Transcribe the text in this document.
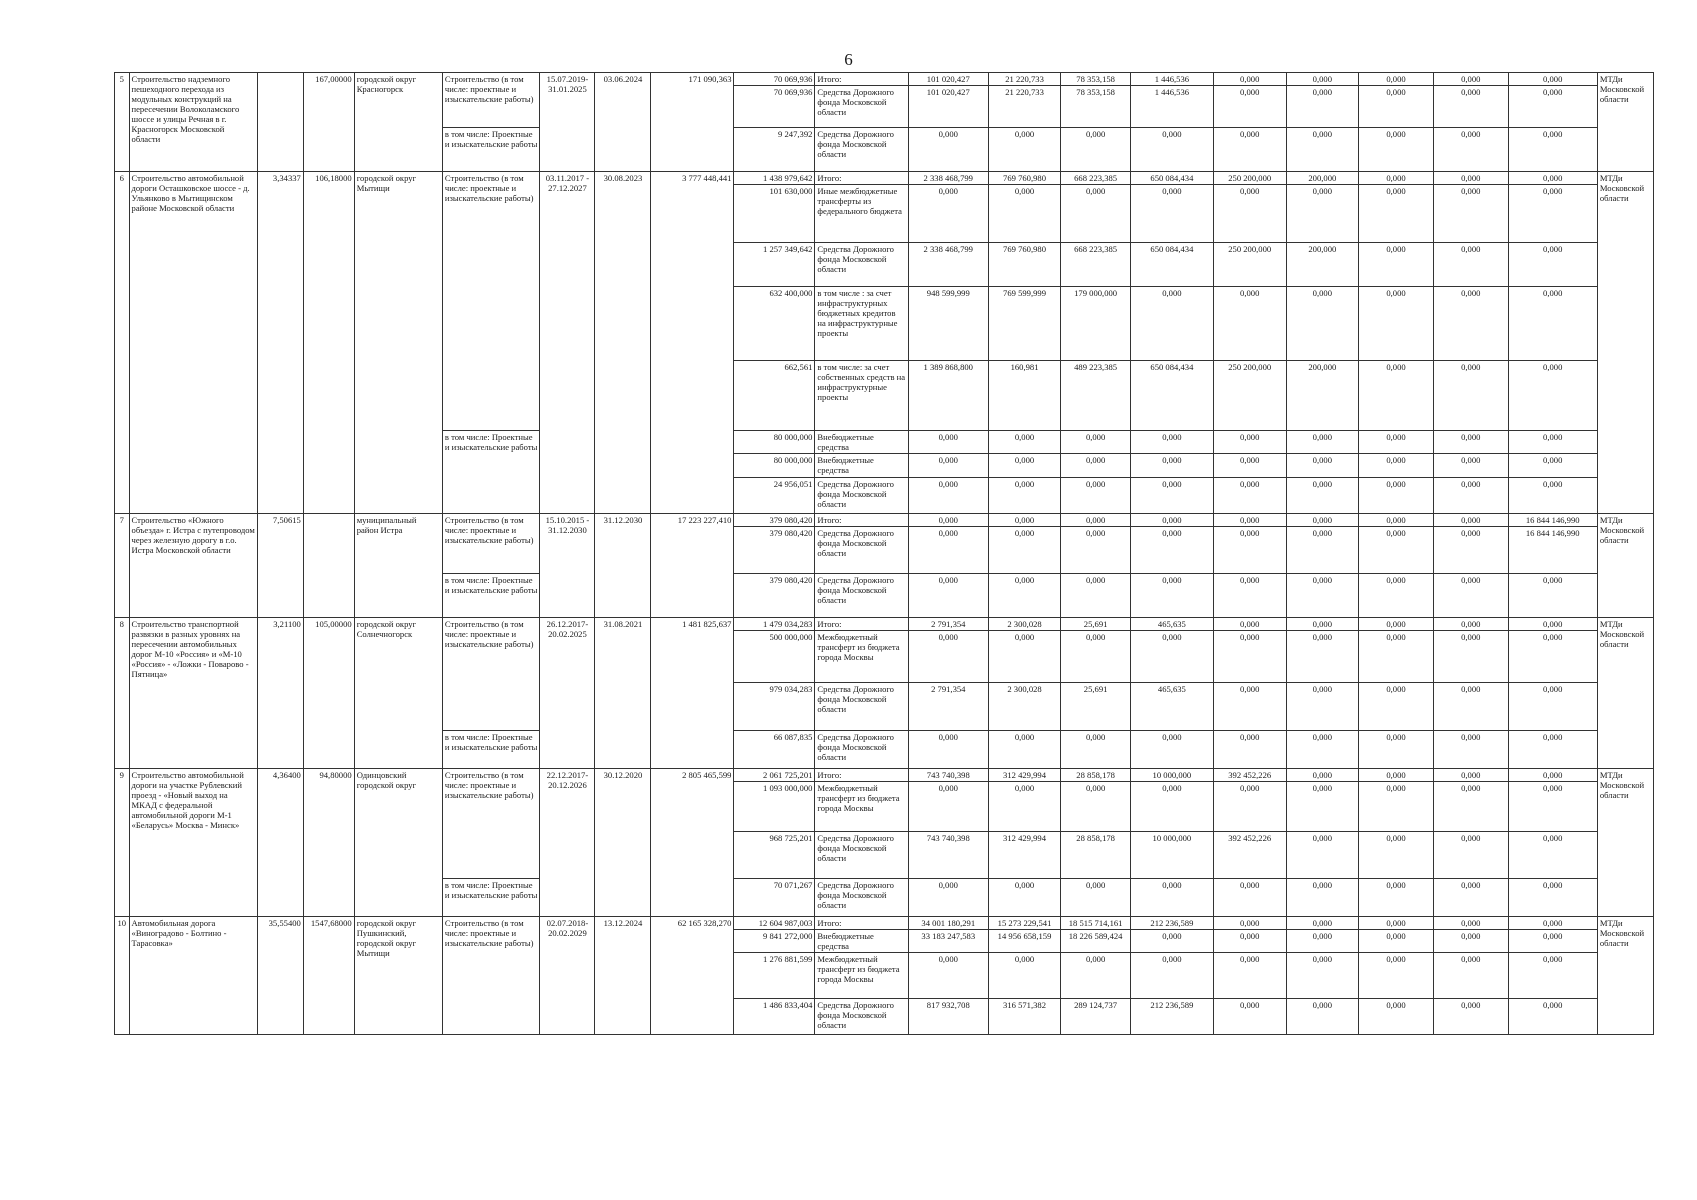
6
5	Строительство надземного пешеходного перехода из модульных конструкций на пересечении Волоколамского шоссе и улицы Речная в г. Красногорск Московской области		167,00000	городской округ Красногорск	Строительство (в том числе: проектные и изыскательские работы)	15.07.2019-31.01.2025	03.06.2024	171 090,363	70 069,936	Итого:	101 020,427	21 220,733	78 353,158	1 446,536	0,000	0,000	0,000	0,000	0,000	МТДи Московской области
									70 069,936	Средства Дорожного фонда Московской области	101 020,427	21 220,733	78 353,158	1 446,536	0,000	0,000	0,000	0,000	0,000	
					в том числе: Проектные и изыскательские работы				9 247,392	Средства Дорожного фонда Московской области	0,000	0,000	0,000	0,000	0,000	0,000	0,000	0,000	0,000	
6	Строительство автомобильной дороги Осташковское шоссе - д. Ульянково в Мытищинском районе Московской области	3,34337	106,18000	городской округ Мытищи	Строительство (в том числе: проектные и изыскательские работы)	03.11.2017 - 27.12.2027	30.08.2023	3 777 448,441	1 438 979,642	Итого:	2 338 468,799	769 760,980	668 223,385	650 084,434	250 200,000	200,000	0,000	0,000	0,000	МТДи Московской области
									101 630,000	Иные межбюджетные трансферты из федерального бюджета	0,000	0,000	0,000	0,000	0,000	0,000	0,000	0,000	0,000	
									1 257 349,642	Средства Дорожного фонда Московской области	2 338 468,799	769 760,980	668 223,385	650 084,434	250 200,000	200,000	0,000	0,000	0,000	
									632 400,000	в том числе : за счет инфраструктурных бюджетных кредитов на инфраструктурные проекты	948 599,999	769 599,999	179 000,000	0,000	0,000	0,000	0,000	0,000	0,000	
									662,561	в том числе: за счет собственных средств на инфраструктурные проекты	1 389 868,800	160,981	489 223,385	650 084,434	250 200,000	200,000	0,000	0,000	0,000	
					в том числе: Проектные и изыскательские работы				80 000,000	Внебюджетные средства	0,000	0,000	0,000	0,000	0,000	0,000	0,000	0,000	0,000	
									80 000,000	Внебюджетные средства	0,000	0,000	0,000	0,000	0,000	0,000	0,000	0,000	0,000	
									24 956,051	Средства Дорожного фонда Московской области	0,000	0,000	0,000	0,000	0,000	0,000	0,000	0,000	0,000	
7	Строительство «Южного объезда» г. Истра с путепроводом через железную дорогу в г.о. Истра Московской области	7,50615		муниципальный район Истра	Строительство (в том числе: проектные и изыскательские работы)	15.10.2015 - 31.12.2030	31.12.2030	17 223 227,410	379 080,420	Итого:	0,000	0,000	0,000	0,000	0,000	0,000	0,000	0,000	16 844 146,990	МТДи Московской области
									379 080,420	Средства Дорожного фонда Московской области	0,000	0,000	0,000	0,000	0,000	0,000	0,000	0,000	16 844 146,990	
					в том числе: Проектные и изыскательские работы				379 080,420	Средства Дорожного фонда Московской области	0,000	0,000	0,000	0,000	0,000	0,000	0,000	0,000	0,000	
8	Строительство транспортной развязки в разных уровнях на пересечении автомобильных дорог М-10 «Россия» и «М-10 «Россия» - «Ложки - Поварово - Пятница»	3,21100	105,00000	городской округ Солнечногорск	Строительство (в том числе: проектные и изыскательские работы)	26.12.2017-20.02.2025	31.08.2021	1 481 825,637	1 479 034,283	Итого:	2 791,354	2 300,028	25,691	465,635	0,000	0,000	0,000	0,000	0,000	МТДи Московской области
									500 000,000	Межбюджетный трансферт из бюджета города Москвы	0,000	0,000	0,000	0,000	0,000	0,000	0,000	0,000	0,000	
									979 034,283	Средства Дорожного фонда Московской области	2 791,354	2 300,028	25,691	465,635	0,000	0,000	0,000	0,000	0,000	
					в том числе: Проектные и изыскательские работы				66 087,835	Средства Дорожного фонда Московской области	0,000	0,000	0,000	0,000	0,000	0,000	0,000	0,000	0,000	
9	Строительство автомобильной дороги на участке Рублевский проезд - «Новый выход на МКАД с федеральной автомобильной дороги М-1 «Беларусь» Москва - Минск»	4,36400	94,80000	Одинцовский городской округ	Строительство (в том числе: проектные и изыскательские работы)	22.12.2017-20.12.2026	30.12.2020	2 805 465,599	2 061 725,201	Итого:	743 740,398	312 429,994	28 858,178	10 000,000	392 452,226	0,000	0,000	0,000	0,000	МТДи Московской области
									1 093 000,000	Межбюджетный трансферт из бюджета города Москвы	0,000	0,000	0,000	0,000	0,000	0,000	0,000	0,000	0,000	
									968 725,201	Средства Дорожного фонда Московской области	743 740,398	312 429,994	28 858,178	10 000,000	392 452,226	0,000	0,000	0,000	0,000	
					в том числе: Проектные и изыскательские работы				70 071,267	Средства Дорожного фонда Московской области	0,000	0,000	0,000	0,000	0,000	0,000	0,000	0,000	0,000	
10	Автомобильная дорога «Виноградово - Болтино - Тарасовка»	35,55400	1547,68000	городской округ Пушкинский, городской округ Мытищи	Строительство (в том числе: проектные и изыскательские работы)	02.07.2018-20.02.2029	13.12.2024	62 165 328,270	12 604 987,003	Итого:	34 001 180,291	15 273 229,541	18 515 714,161	212 236,589	0,000	0,000	0,000	0,000	0,000	МТДи Московской области
									9 841 272,000	Внебюджетные средства	33 183 247,583	14 956 658,159	18 226 589,424	0,000	0,000	0,000	0,000	0,000	0,000	
									1 276 881,599	Межбюджетный трансферт из бюджета города Москвы	0,000	0,000	0,000	0,000	0,000	0,000	0,000	0,000	0,000	
									1 486 833,404	Средства Дорожного фонда Московской области	817 932,708	316 571,382	289 124,737	212 236,589	0,000	0,000	0,000	0,000	0,000	
